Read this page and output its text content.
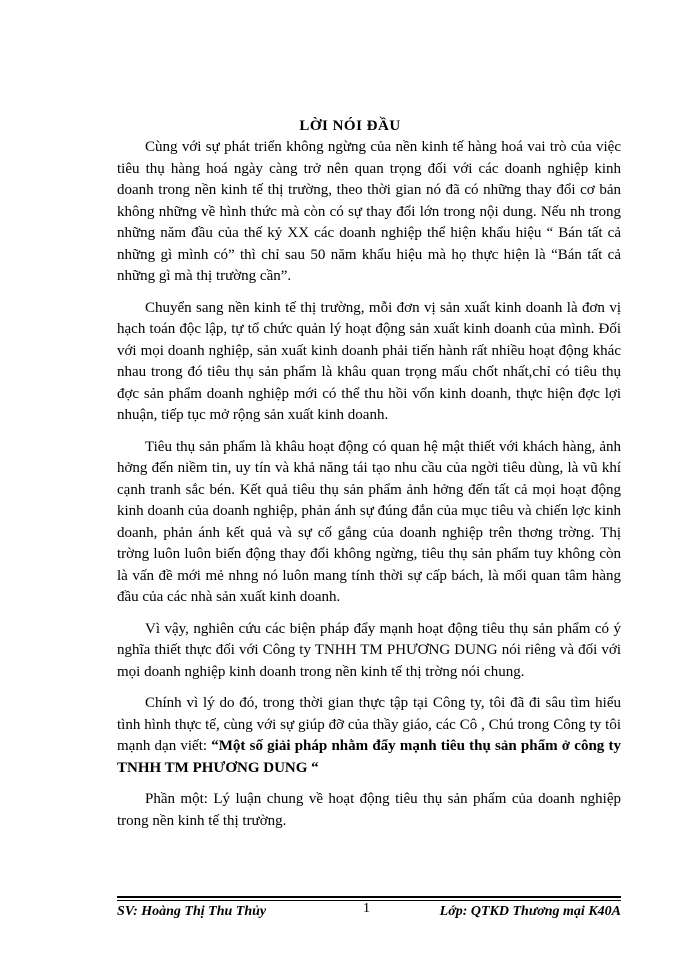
LỜI NÓI ĐẦU

Cùng với sự phát triển không ngừng của nền kinh tế hàng hoá vai trò của việc tiêu thụ hàng hoá ngày càng trở nên quan trọng đối với các doanh nghiệp kinh doanh trong nền kinh tế thị trường, theo thời gian nó đã có những thay đổi cơ bản không những về hình thức mà còn có sự thay đổi lớn trong nội dung. Nếu nh trong những năm đầu của thế kỷ XX các doanh nghiệp thể hiện khẩu hiệu “ Bán tất cả những gì mình có” thì chỉ sau 50 năm khẩu hiệu mà họ thực hiện là “Bán tất cả những gì mà thị trường cần”.

Chuyển sang nền kinh tế thị trường, mỗi đơn vị sản xuất kinh doanh là đơn vị hạch toán độc lập, tự tổ chức quản lý hoạt động sản xuất kinh doanh của mình. Đối với mọi doanh nghiệp, sản xuất kinh doanh phải tiến hành rất nhiều hoạt động khác nhau trong đó tiêu thụ sản phẩm là khâu quan trọng mấu chốt nhất,chỉ có tiêu thụ đợc sản phẩm doanh nghiệp mới có thể thu hồi vốn kinh doanh, thực hiện đợc lợi nhuận, tiếp tục mở rộng sản xuất kinh doanh.

Tiêu thụ sản phẩm là khâu hoạt động có quan hệ mật thiết với khách hàng, ảnh hởng đến niềm tin, uy tín và khả năng tái tạo nhu cầu của ngời tiêu dùng, là vũ khí cạnh tranh sắc bén. Kết quả tiêu thụ sản phẩm ảnh hởng đến tất cả mọi hoạt động kinh doanh của doanh nghiệp, phản ánh sự đúng đắn của mục tiêu và chiến lợc kinh doanh, phản ánh kết quả và sự cố gắng của doanh nghiệp trên thơng trờng. Thị trờng luôn luôn biến động thay đổi không ngừng, tiêu thụ sản phẩm tuy không còn là vấn đề mới mẻ nhng nó luôn mang tính thời sự cấp bách, là mối quan tâm hàng đầu của các nhà sản xuất kinh doanh.

Vì vậy, nghiên cứu các biện pháp đẩy mạnh hoạt động tiêu thụ sản phẩm có ý nghĩa thiết thực đối với Công ty TNHH TM PHƯƠNG DUNG nói riêng và đối với mọi doanh nghiệp kinh doanh trong nền kinh tế thị trờng nói chung.

Chính vì lý do đó, trong thời gian thực tập tại Công ty, tôi đã đi sâu tìm hiểu tình hình thực tế, cùng với sự giúp đỡ của thầy giáo, các Cô , Chú trong Công ty tôi mạnh dạn viết: “Một số giải pháp nhằm đẩy mạnh tiêu thụ sản phẩm ở công ty TNHH TM PHƯƠNG DUNG “

Phần một: Lý luận chung về hoạt động tiêu thụ sản phẩm của doanh nghiệp trong nền kinh tế thị trường.

SV: Hoàng Thị Thu Thủy	1	Lớp: QTKD Thương mại K40A
